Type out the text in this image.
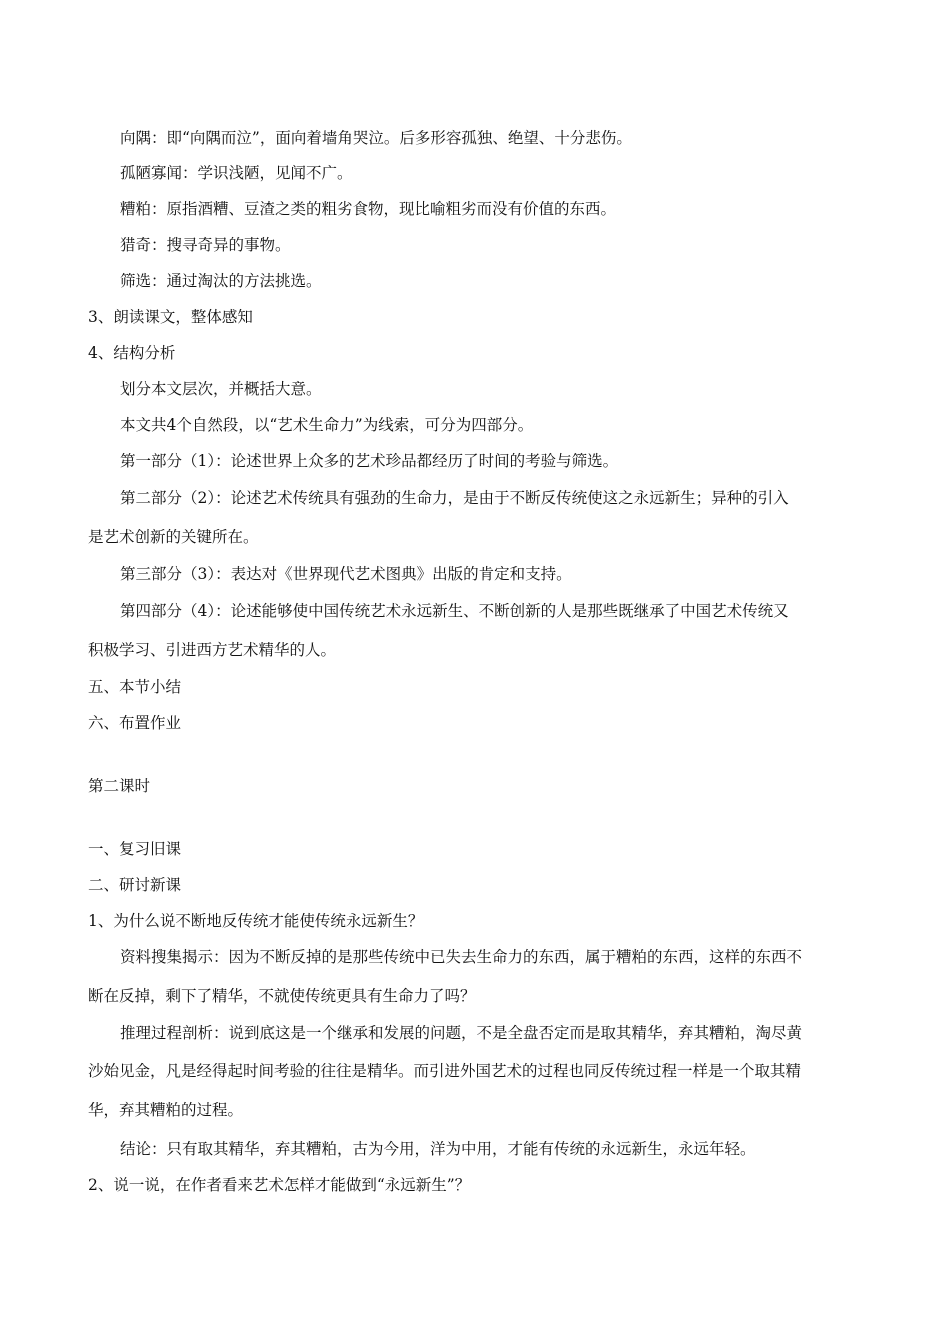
向隅：即“向隅而泣”，面向着墙角哭泣。后多形容孤独、绝望、十分悲伤。
孤陋寡闻：学识浅陋，见闻不广。
糟粕：原指酒糟、豆渣之类的粗劣食物，现比喻粗劣而没有价值的东西。
猎奇：搜寻奇异的事物。
筛选：通过淘汰的方法挑选。
3、朗读课文，整体感知
4、结构分析
划分本文层次，并概括大意。
本文共4个自然段，以“艺术生命力”为线索，可分为四部分。
第一部分（1）：论述世界上众多的艺术珍品都经历了时间的考验与筛选。
第二部分（2）：论述艺术传统具有强劲的生命力，是由于不断反传统使这之永远新生；异种的引入
是艺术创新的关键所在。
第三部分（3）：表达对《世界现代艺术图典》出版的肯定和支持。
第四部分（4）：论述能够使中国传统艺术永远新生、不断创新的人是那些既继承了中国艺术传统又
积极学习、引进西方艺术精华的人。
五、本节小结
六、布置作业
第二课时
一、复习旧课
二、研讨新课
1、为什么说不断地反传统才能使传统永远新生？
资料搜集揭示：因为不断反掉的是那些传统中已失去生命力的东西，属于糟粕的东西，这样的东西不
断在反掉，剩下了精华，不就使传统更具有生命力了吗？
推理过程剖析：说到底这是一个继承和发展的问题，不是全盘否定而是取其精华，弃其糟粕，淘尽黄
沙始见金，凡是经得起时间考验的往往是精华。而引进外国艺术的过程也同反传统过程一样是一个取其精
华，弃其糟粕的过程。
结论：只有取其精华，弃其糟粕，古为今用，洋为中用，才能有传统的永远新生，永远年轻。
2、说一说，在作者看来艺术怎样才能做到“永远新生”？
